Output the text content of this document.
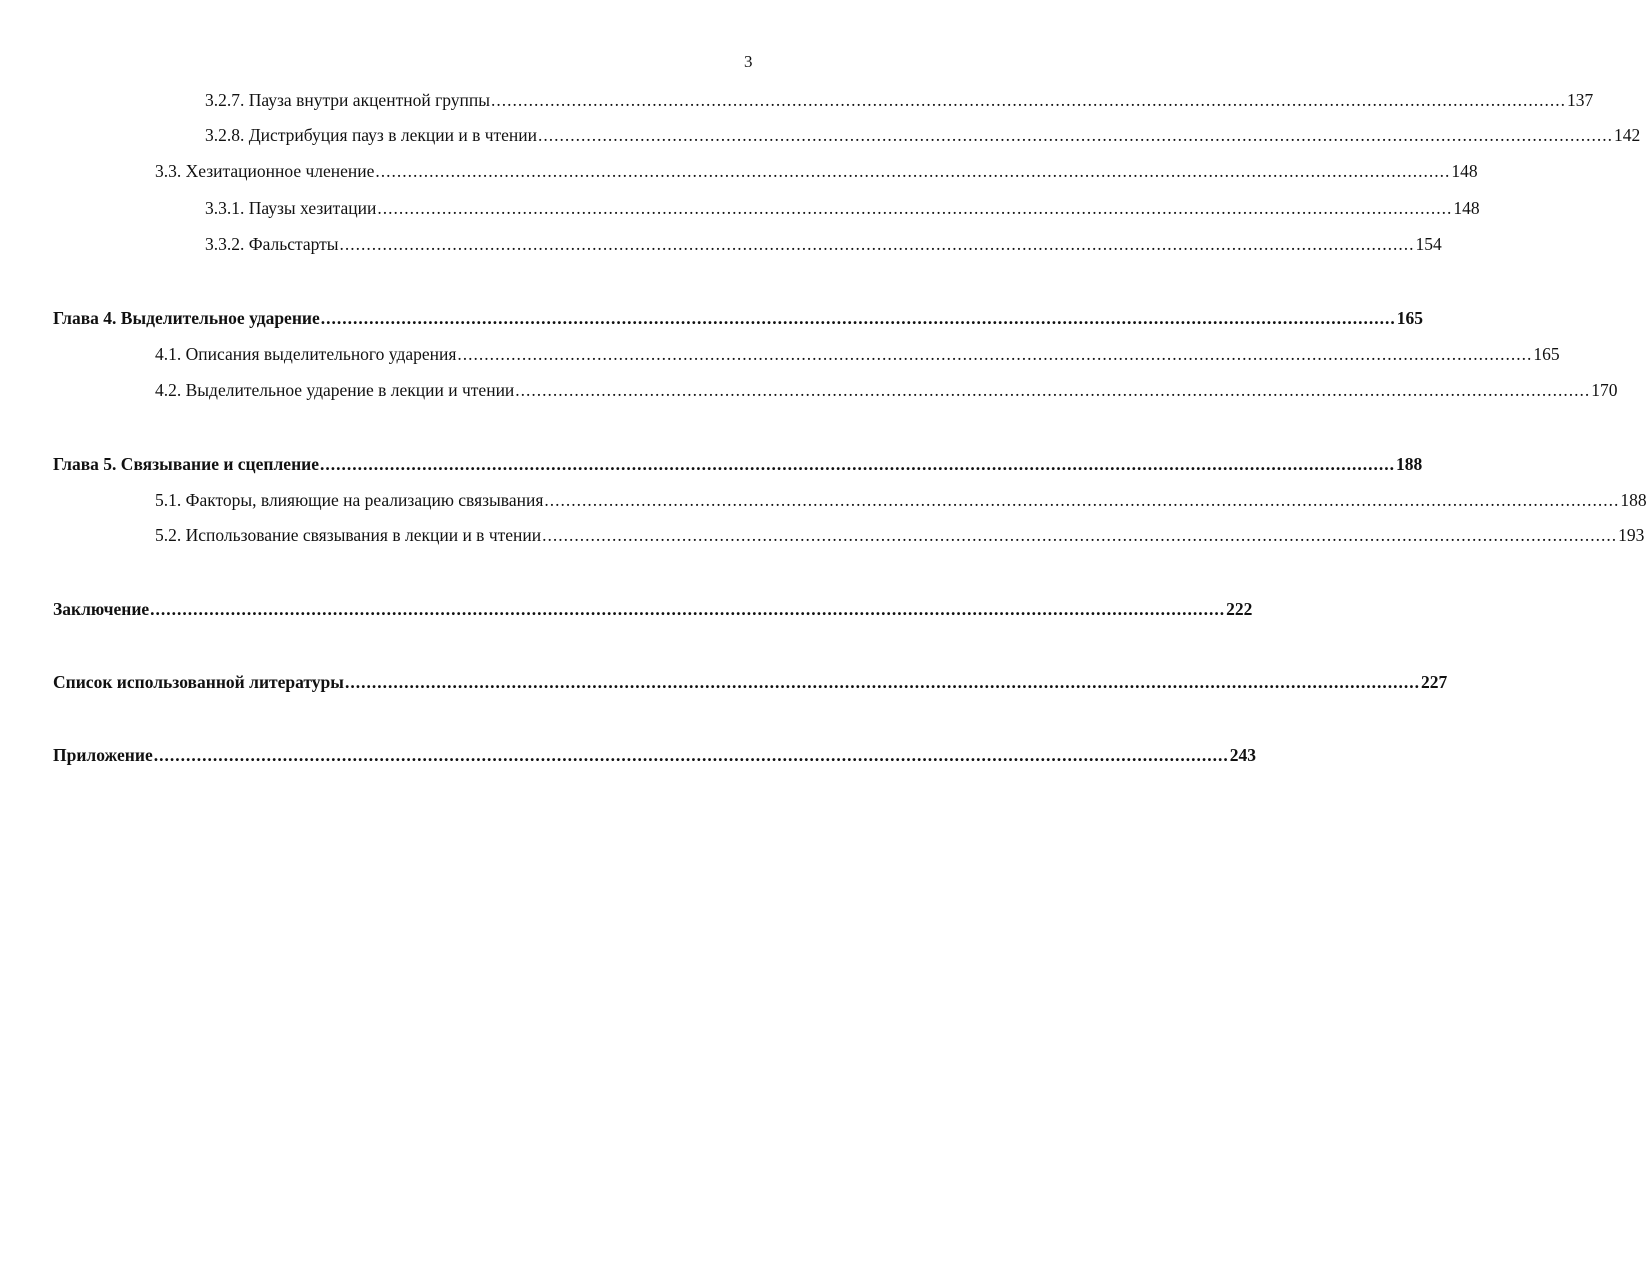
3
3.2.7. Пауза внутри акцентной группы ........................................................................................................................................................................................................ 137
3.2.8. Дистрибуция пауз в лекции и в чтении ........................................................................................................................................................................................................ 142
3.3. Хезитационное членение ........................................................................................................................................................................................................ 148
3.3.1. Паузы хезитации ........................................................................................................................................................................................................ 148
3.3.2. Фальстарты ........................................................................................................................................................................................................ 154
Глава 4. Выделительное ударение ........................................................................................................................................................................................................ 165
4.1. Описания выделительного ударения ........................................................................................................................................................................................................ 165
4.2. Выделительное ударение в лекции и чтении ........................................................................................................................................................................................................ 170
Глава 5. Связывание и сцепление ........................................................................................................................................................................................................ 188
5.1. Факторы, влияющие на реализацию связывания ........................................................................................................................................................................................................ 188
5.2. Использование связывания в лекции и в чтении ........................................................................................................................................................................................................ 193
Заключение ........................................................................................................................................................................................................ 222
Список использованной литературы ........................................................................................................................................................................................................ 227
Приложение ........................................................................................................................................................................................................ 243
